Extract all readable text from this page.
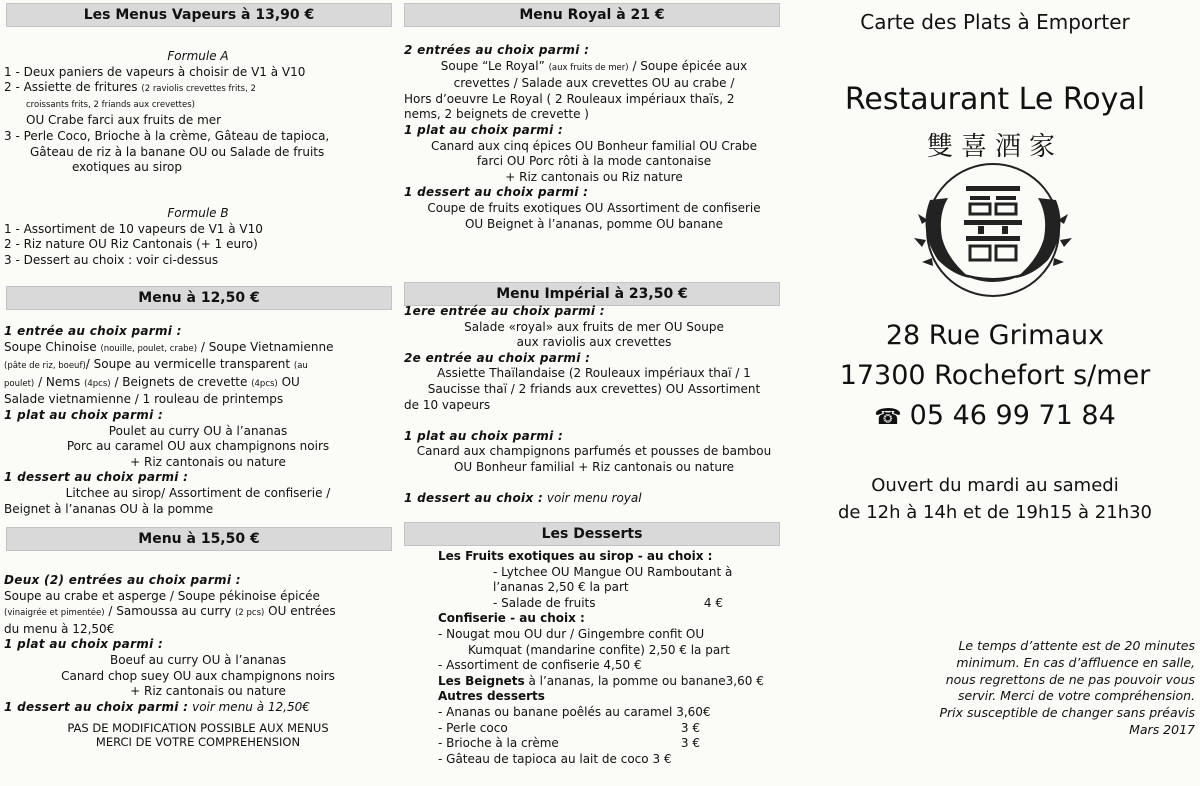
Les Menus Vapeurs à 13,90 €
Formule A
1 - Deux paniers de vapeurs à choisir de V1 à V10
2 - Assiette de fritures (2 raviolis crevettes frits, 2
croissants frits, 2 friands aux crevettes)
OU Crabe farci aux fruits de mer
3 - Perle Coco, Brioche à la crème, Gâteau de tapioca,
Gâteau de riz à la banane OU ou Salade de fruits
exotiques au sirop
Formule B
1 - Assortiment de 10 vapeurs de V1 à V10
2 - Riz nature OU Riz Cantonais (+ 1 euro)
3 - Dessert au choix : voir ci-dessus
Menu à 12,50 €
1 entrée au choix parmi :
Soupe Chinoise (nouille, poulet, crabe) / Soupe Vietnamienne
(pâte de riz, boeuf)/ Soupe au vermicelle transparent (au
poulet) / Nems (4pcs) / Beignets de crevette (4pcs) OU
Salade vietnamienne / 1 rouleau de printemps
1 plat au choix parmi :
Poulet au curry OU à l’ananas
Porc au caramel OU aux champignons noirs
+ Riz cantonais ou nature
1 dessert au choix parmi :
Litchee au sirop/ Assortiment de confiserie /
Beignet à l’ananas OU à la pomme
Menu à 15,50 €
Deux (2) entrées au choix parmi :
Soupe au crabe et asperge / Soupe pékinoise épicée
(vinaigrée et pimentée) / Samoussa au curry (2 pcs) OU entrées
du menu à 12,50€
1 plat au choix parmi :
Boeuf au curry OU à l’ananas
Canard chop suey OU aux champignons noirs
+ Riz cantonais ou nature
1 dessert au choix parmi : voir menu à 12,50€
PAS DE MODIFICATION POSSIBLE AUX MENUS
MERCI DE VOTRE COMPREHENSION
Menu Royal à 21 €
2 entrées au choix parmi :
Soupe “Le Royal” (aux fruits de mer) / Soupe épicée aux
crevettes / Salade aux crevettes OU au crabe /
Hors d’oeuvre Le Royal ( 2 Rouleaux impériaux thaïs, 2
nems, 2 beignets de crevette )
1 plat au choix parmi :
Canard aux cinq épices OU Bonheur familial OU Crabe
farci OU Porc rôti à la mode cantonaise
+ Riz cantonais ou Riz nature
1 dessert au choix parmi :
Coupe de fruits exotiques OU Assortiment de confiserie
OU Beignet à l’ananas, pomme OU banane
Menu Impérial à 23,50 €
1ere entrée au choix parmi :
Salade «royal» aux fruits de mer OU Soupe
aux raviolis aux crevettes
2e entrée au choix parmi :
Assiette Thaïlandaise (2 Rouleaux impériaux thaï / 1
Saucisse thaï / 2 friands aux crevettes) OU Assortiment
de 10 vapeurs
1 plat au choix parmi :
Canard aux champignons parfumés et pousses de bambou
OU Bonheur familial + Riz cantonais ou nature
1 dessert au choix : voir menu royal
Les Desserts
Les Fruits exotiques au sirop - au choix :
- Lytchee OU Mangue OU Ramboutant à
l’ananas 2,50 € la part
- Salade de fruits	4 €
Confiserie - au choix :
- Nougat mou OU dur / Gingembre confit OU
Kumquat (mandarine confite) 2,50 € la part
- Assortiment de confiserie 4,50 €
Les Beignets à l’ananas, la pomme ou banane3,60 €
Autres desserts
- Ananas ou banane poêlés au caramel 3,60€
- Perle coco	3 €
- Brioche à la crème	3 €
- Gâteau de tapioca au lait de coco 3 €
Carte des Plats à Emporter
Restaurant Le Royal
雙喜酒家
28 Rue Grimaux
17300 Rochefort s/mer
☎ 05 46 99 71 84
Ouvert du mardi au samedi
de 12h à 14h et de 19h15 à 21h30
Le temps d’attente est de 20 minutes
minimum. En cas d’affluence en salle,
nous regrettons de ne pas pouvoir vous
servir. Merci de votre compréhension.
Prix susceptible de changer sans préavis
Mars 2017
